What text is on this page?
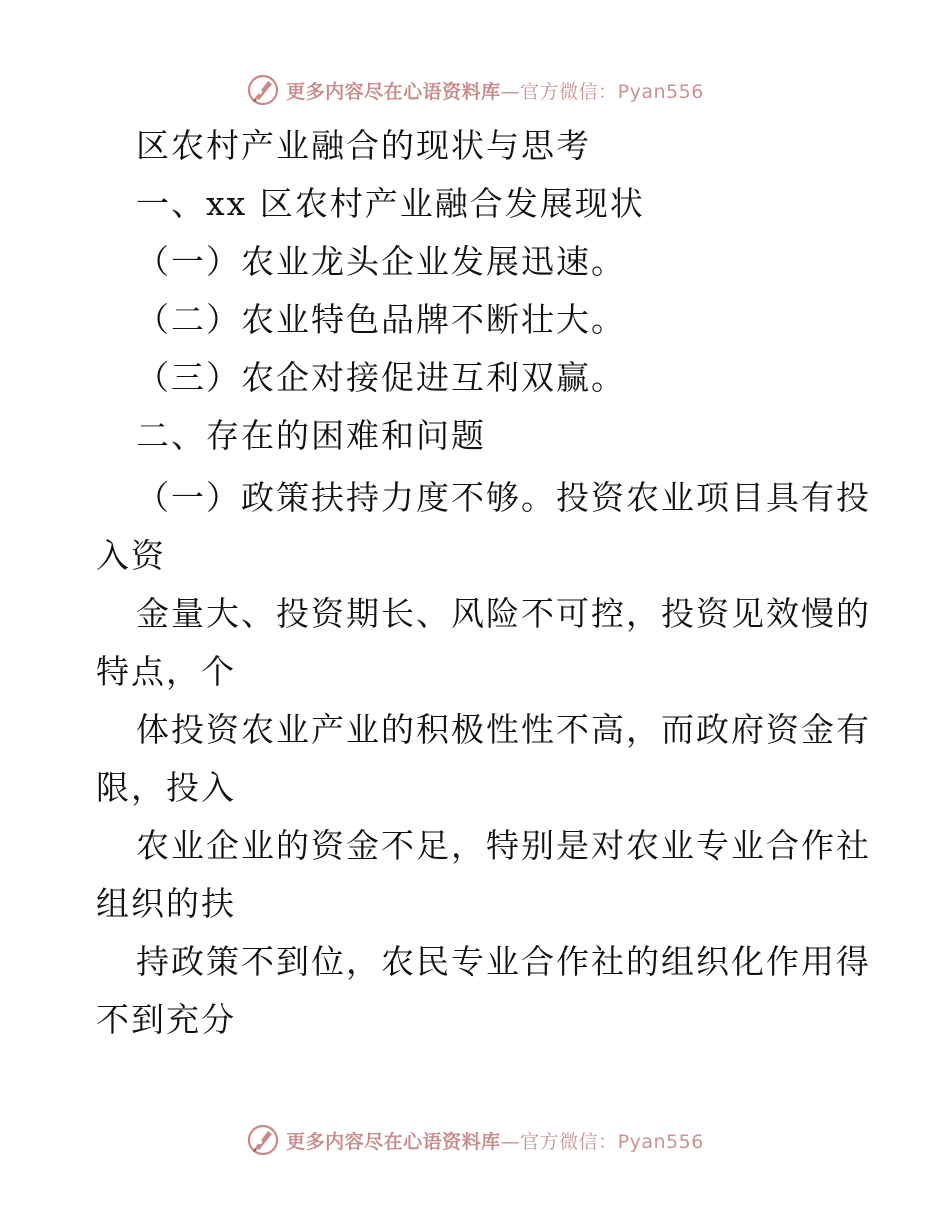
更多内容尽在心语资料库—官方微信：Pyan556
区农村产业融合的现状与思考
一、xx 区农村产业融合发展现状
（一）农业龙头企业发展迅速。
（二）农业特色品牌不断壮大。
（三）农企对接促进互利双赢。
二、存在的困难和问题
（一）政策扶持力度不够。投资农业项目具有投
入资
金量大、投资期长、风险不可控，投资见效慢的
特点，个
体投资农业产业的积极性性不高，而政府资金有
限，投入
农业企业的资金不足，特别是对农业专业合作社
组织的扶
持政策不到位，农民专业合作社的组织化作用得
不到充分
更多内容尽在心语资料库—官方微信：Pyan556
